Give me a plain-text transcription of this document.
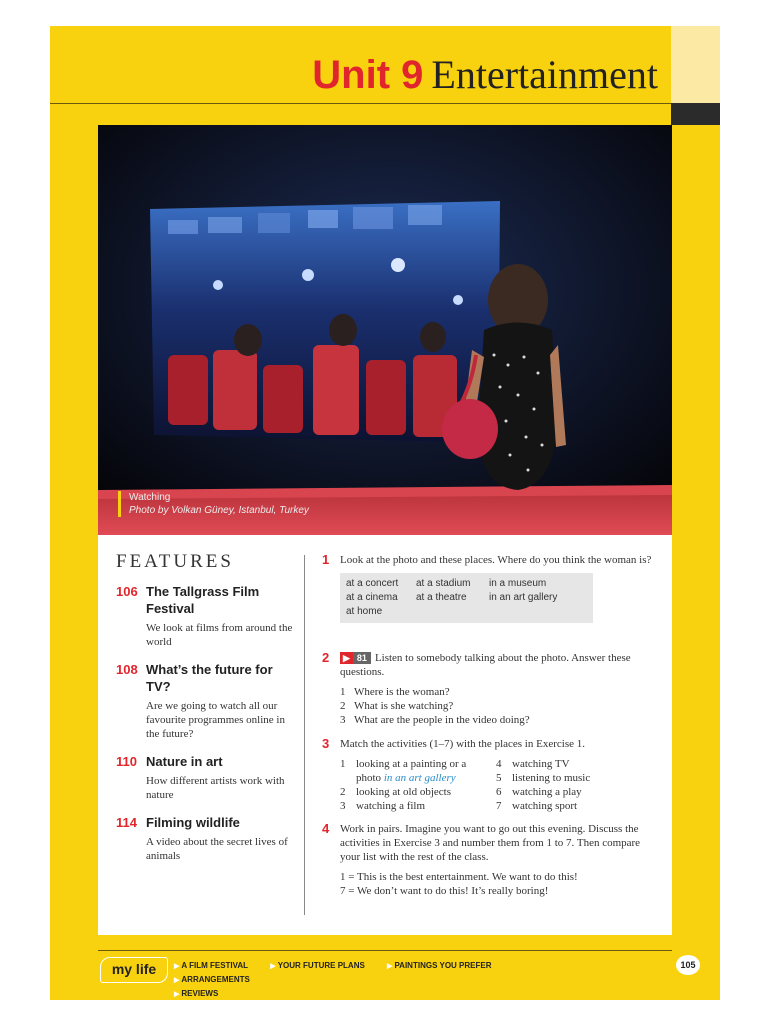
Unit 9 Entertainment
Watching
Photo by Volkan Güney, Istanbul, Turkey
FEATURES
106 The Tallgrass Film Festival
We look at films from around the world
108 What’s the future for TV?
Are we going to watch all our favourite programmes online in the future?
110 Nature in art
How different artists work with nature
114 Filming wildlife
A video about the secret lives of animals
1 Look at the photo and these places. Where do you think the woman is?
at a concert	at a stadium	in a museum
at a cinema	at a theatre	in an art gallery
at home
2	▶ 81 Listen to somebody talking about the photo. Answer these questions.
1 Where is the woman?
2 What is she watching?
3 What are the people in the video doing?
3 Match the activities (1–7) with the places in Exercise 1.
1 looking at a painting or a photo in an art gallery
2 looking at old objects
3 watching a film
4 watching TV
5 listening to music
6 watching a play
7 watching sport
4 Work in pairs. Imagine you want to go out this evening. Discuss the activities in Exercise 3 and number them from 1 to 7. Then compare your list with the rest of the class.
1 = This is the best entertainment. We want to do this!
7 = We don’t want to do this! It’s really boring!
my life	▶ A FILM FESTIVAL	▶ YOUR FUTURE PLANS	▶ PAINTINGS YOU PREFER ▶ ARRANGEMENTS
▶ REVIEWS
105
